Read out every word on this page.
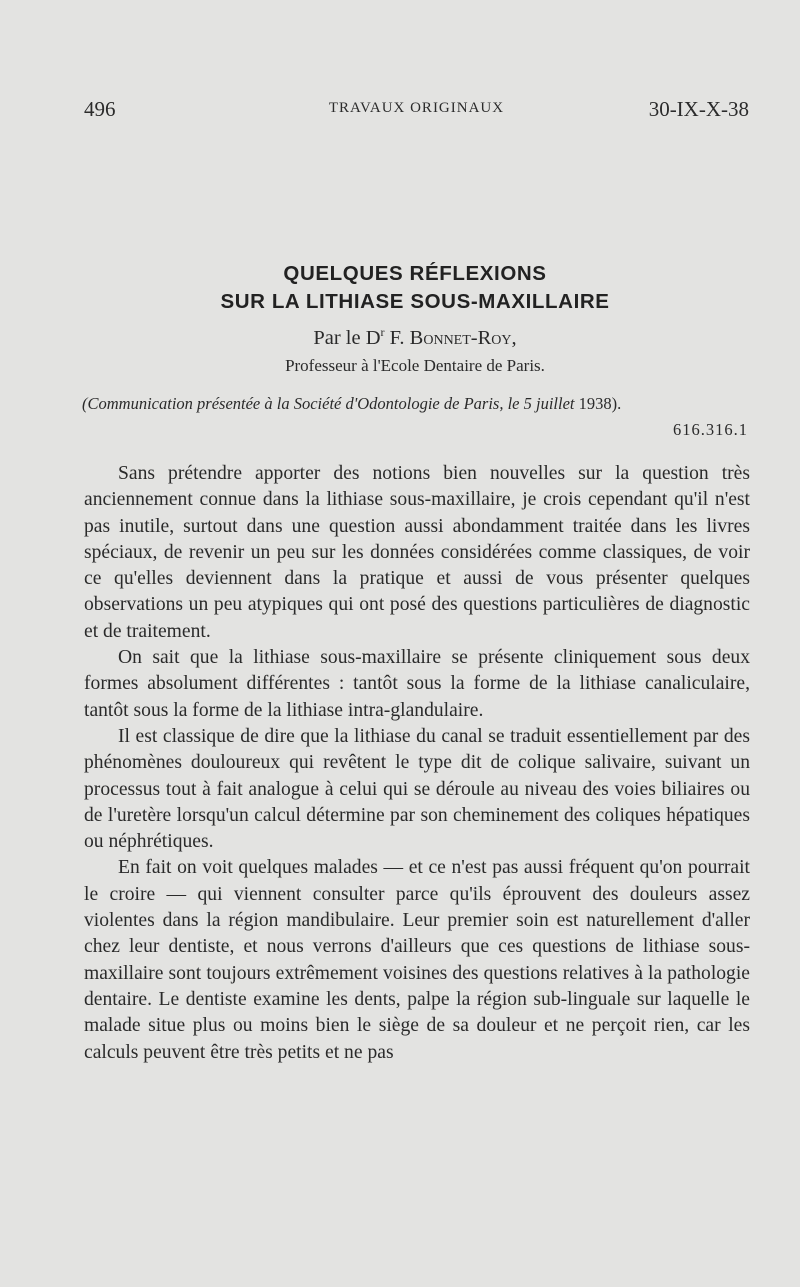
496	TRAVAUX ORIGINAUX	30-IX-X-38
QUELQUES RÉFLEXIONS
SUR LA LITHIASE SOUS-MAXILLAIRE
Par le $D^r$ F. Bonnet-Roy,
Professeur à l'Ecole Dentaire de Paris.
(Communication présentée à la Société d'Odontologie de Paris, le 5 juillet 1938).
616.316.1

Sans prétendre apporter des notions bien nouvelles sur la question très anciennement connue dans la lithiase sous-maxillaire, je crois cependant qu'il n'est pas inutile, surtout dans une question aussi abondamment traitée dans les livres spéciaux, de revenir un peu sur les données considérées comme classiques, de voir ce qu'elles deviennent dans la pratique et aussi de vous présenter quelques observations un peu atypiques qui ont posé des questions particulières de diagnostic et de traitement.

On sait que la lithiase sous-maxillaire se présente cliniquement sous deux formes absolument différentes : tantôt sous la forme de la lithiase canaliculaire, tantôt sous la forme de la lithiase intra-glandulaire.

Il est classique de dire que la lithiase du canal se traduit essentiellement par des phénomènes douloureux qui revêtent le type dit de colique salivaire, suivant un processus tout à fait analogue à celui qui se déroule au niveau des voies biliaires ou de l'uretère lorsqu'un calcul détermine par son cheminement des coliques hépatiques ou néphrétiques.

En fait on voit quelques malades — et ce n'est pas aussi fréquent qu'on pourrait le croire — qui viennent consulter parce qu'ils éprouvent des douleurs assez violentes dans la région mandibulaire. Leur premier soin est naturellement d'aller chez leur dentiste, et nous verrons d'ailleurs que ces questions de lithiase sous-maxillaire sont toujours extrêmement voisines des questions relatives à la pathologie dentaire. Le dentiste examine les dents, palpe la région sub-linguale sur laquelle le malade situe plus ou moins bien le siège de sa douleur et ne perçoit rien, car les calculs peuvent être très petits et ne pas
